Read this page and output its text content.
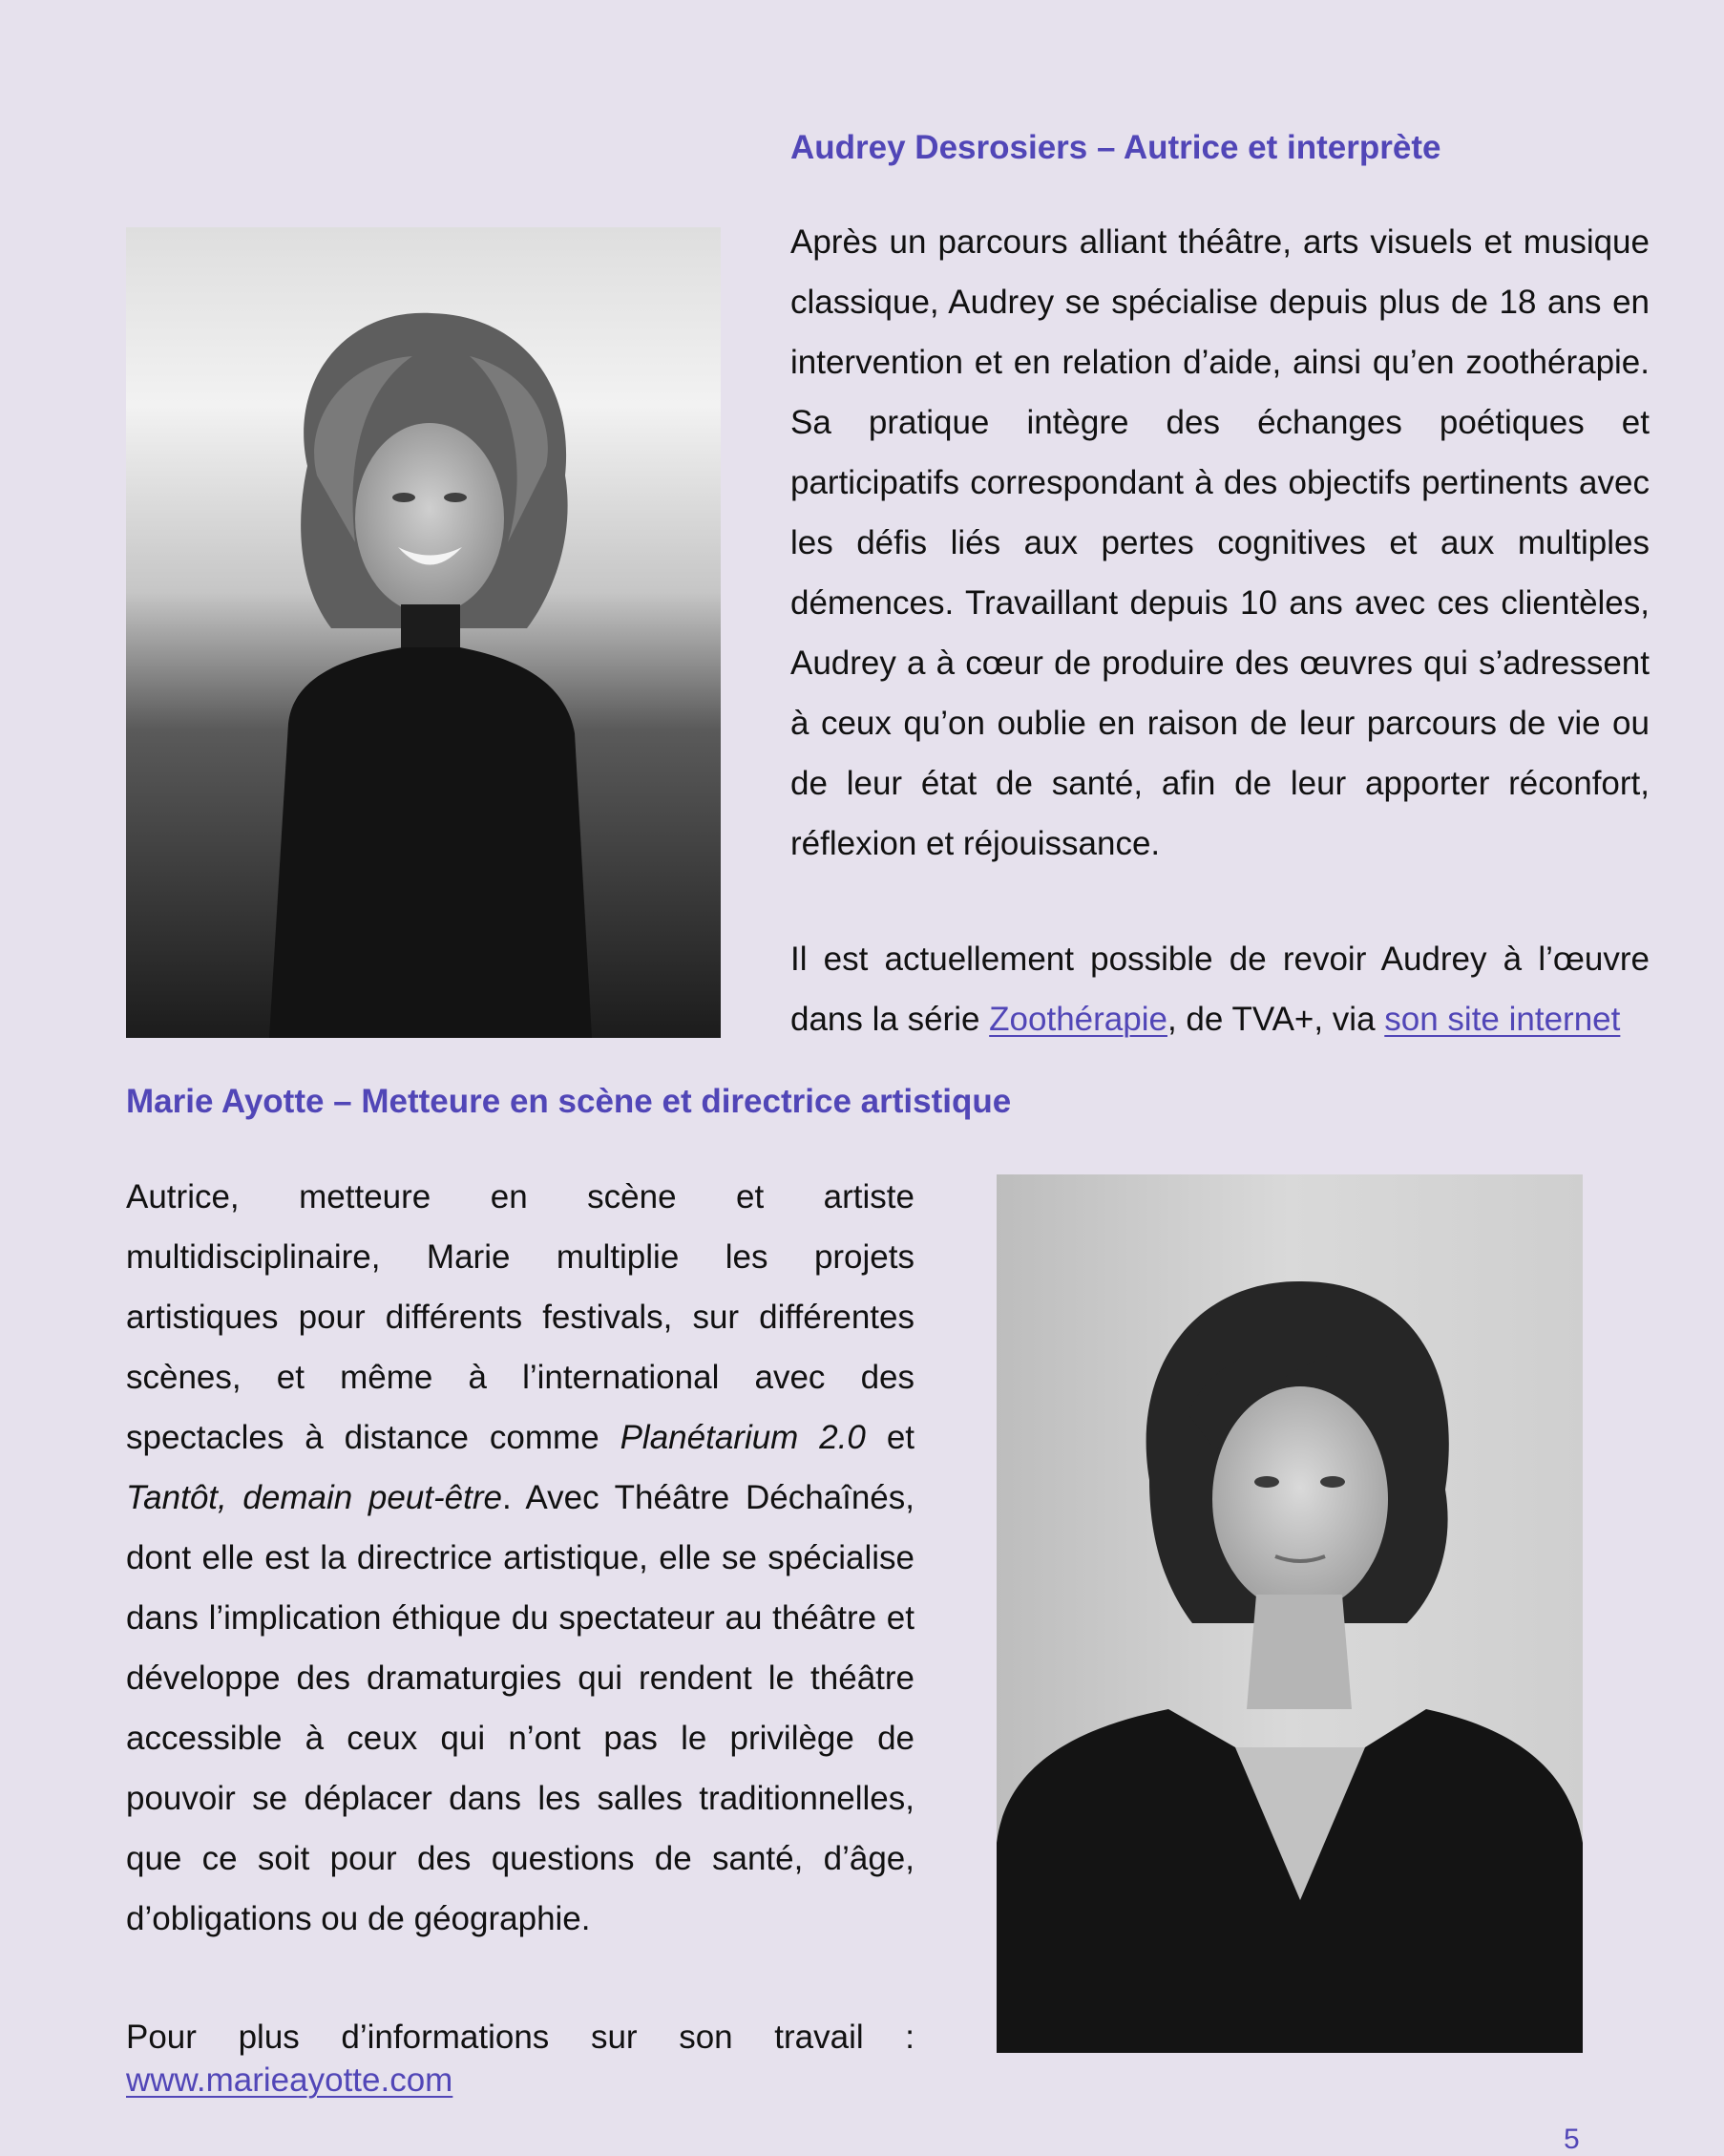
Audrey Desrosiers – Autrice et interprète

Après un parcours alliant théâtre, arts visuels et musique classique, Audrey se spécialise depuis plus de 18 ans en intervention et en relation d’aide, ainsi qu’en zoothérapie. Sa pratique intègre des échanges poétiques et participatifs correspondant à des objectifs pertinents avec les défis liés aux pertes cognitives et aux multiples démences. Travaillant depuis 10 ans avec ces clientèles, Audrey a à cœur de produire des œuvres qui s’adressent à ceux qu’on oublie en raison de leur parcours de vie ou de leur état de santé, afin de leur apporter réconfort, réflexion et réjouissance.

Il est actuellement possible de revoir Audrey à l’œuvre dans la série Zoothérapie, de TVA+, via son site internet

Marie Ayotte – Metteure en scène et directrice artistique

Autrice, metteure en scène et artiste multidisciplinaire, Marie multiplie les projets artistiques pour différents festivals, sur différentes scènes, et même à l’international avec des spectacles à distance comme Planétarium 2.0 et Tantôt, demain peut-être. Avec Théâtre Déchaînés, dont elle est la directrice artistique, elle se spécialise dans l’implication éthique du spectateur au théâtre et développe des dramaturgies qui rendent le théâtre accessible à ceux qui n’ont pas le privilège de pouvoir se déplacer dans les salles traditionnelles, que ce soit pour des questions de santé, d’âge, d’obligations ou de géographie.

Pour plus d’informations sur son travail :

www.marieayotte.com
5
